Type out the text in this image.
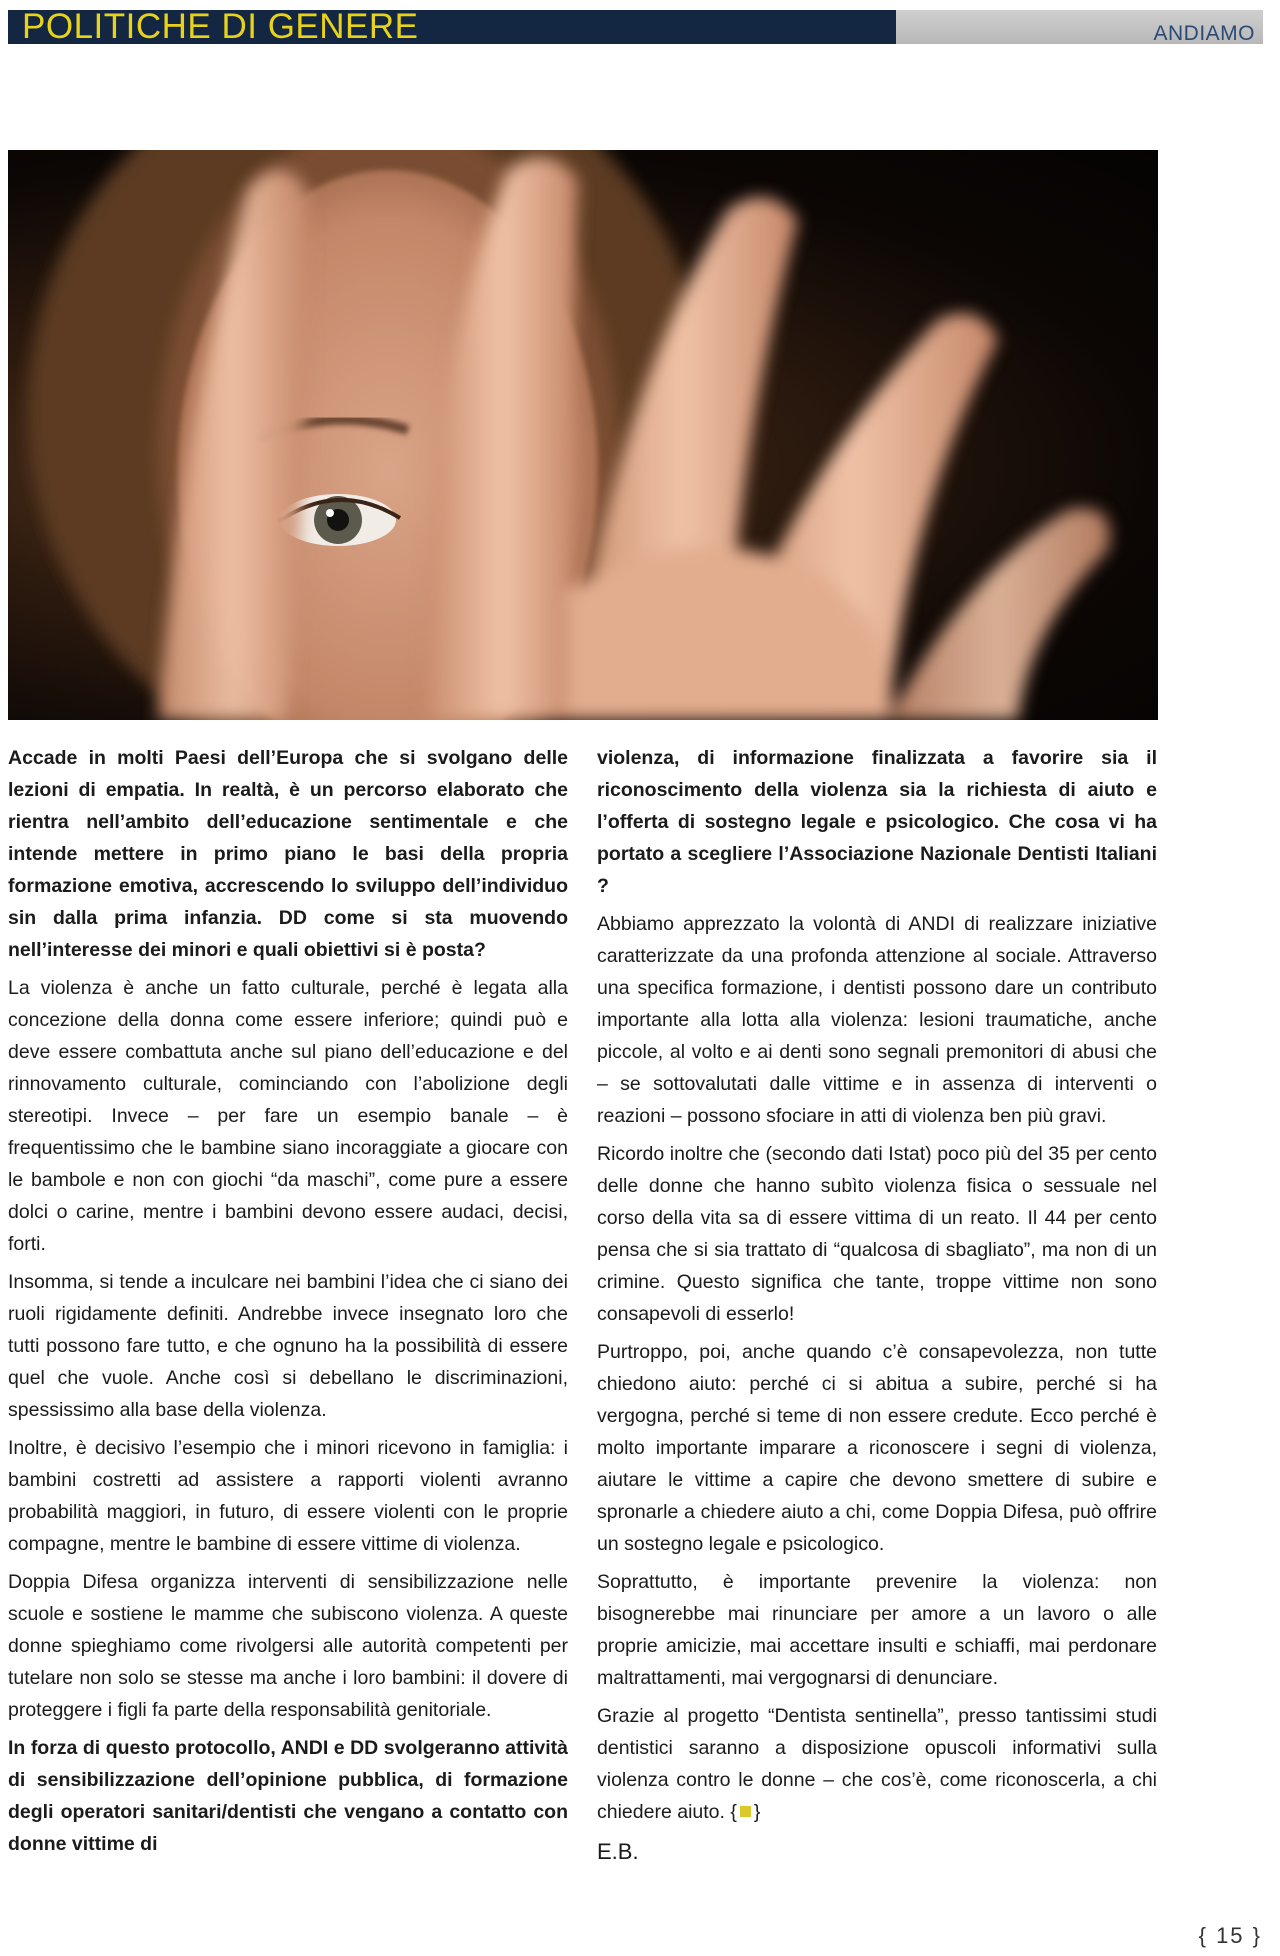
POLITICHE DI GENERE	ANDIAMO

Accade in molti Paesi dell’Europa che si svolgano delle lezioni di empatia. In realtà, è un percorso elaborato che rientra nell’ambito dell’educazione sentimentale e che intende mettere in primo piano le basi della propria formazione emotiva, accrescendo lo sviluppo dell’individuo sin dalla prima infanzia. DD come si sta muovendo nell’interesse dei minori e quali obiettivi si è posta?

La violenza è anche un fatto culturale, perché è legata alla concezione della donna come essere inferiore; quindi può e deve essere combattuta anche sul piano dell’educazione e del rinnovamento culturale, cominciando con l’abolizione degli stereotipi. Invece – per fare un esempio banale – è frequentissimo che le bambine siano incoraggiate a giocare con le bambole e non con giochi “da maschi”, come pure a essere dolci o carine, mentre i bambini devono essere audaci, decisi, forti.

Insomma, si tende a inculcare nei bambini l’idea che ci siano dei ruoli rigidamente definiti. Andrebbe invece insegnato loro che tutti possono fare tutto, e che ognuno ha la possibilità di essere quel che vuole. Anche così si debellano le discriminazioni, spessissimo alla base della violenza.

Inoltre, è decisivo l’esempio che i minori ricevono in famiglia: i bambini costretti ad assistere a rapporti violenti avranno probabilità maggiori, in futuro, di essere violenti con le proprie compagne, mentre le bambine di essere vittime di violenza.

Doppia Difesa organizza interventi di sensibilizzazione nelle scuole e sostiene le mamme che subiscono violenza. A queste donne spieghiamo come rivolgersi alle autorità competenti per tutelare non solo se stesse ma anche i loro bambini: il dovere di proteggere i figli fa parte della responsabilità genitoriale.

In forza di questo protocollo, ANDI e DD svolgeranno attività di sensibilizzazione dell’opinione pubblica, di formazione degli operatori sanitari/dentisti che vengano a contatto con donne vittime di

violenza, di informazione finalizzata a favorire sia il riconoscimento della violenza sia la richiesta di aiuto e l’offerta di sostegno legale e psicologico. Che cosa vi ha portato a scegliere l’Associazione Nazionale Dentisti Italiani ?

Abbiamo apprezzato la volontà di ANDI di realizzare iniziative caratterizzate da una profonda attenzione al sociale. Attraverso una specifica formazione, i dentisti possono dare un contributo importante alla lotta alla violenza: lesioni traumatiche, anche piccole, al volto e ai denti sono segnali premonitori di abusi che – se sottovalutati dalle vittime e in assenza di interventi o reazioni – possono sfociare in atti di violenza ben più gravi.

Ricordo inoltre che (secondo dati Istat) poco più del 35 per cento delle donne che hanno subìto violenza fisica o sessuale nel corso della vita sa di essere vittima di un reato. Il 44 per cento pensa che si sia trattato di “qualcosa di sbagliato”, ma non di un crimine. Questo significa che tante, troppe vittime non sono consapevoli di esserlo!

Purtroppo, poi, anche quando c’è consapevolezza, non tutte chiedono aiuto: perché ci si abitua a subire, perché si ha vergogna, perché si teme di non essere credute. Ecco perché è molto importante imparare a riconoscere i segni di violenza, aiutare le vittime a capire che devono smettere di subire e spronarle a chiedere aiuto a chi, come Doppia Difesa, può offrire un sostegno legale e psicologico.

Soprattutto, è importante prevenire la violenza: non bisognerebbe mai rinunciare per amore a un lavoro o alle proprie amicizie, mai accettare insulti e schiaffi, mai perdonare maltrattamenti, mai vergognarsi di denunciare.

Grazie al progetto “Dentista sentinella”, presso tantissimi studi dentistici saranno a disposizione opuscoli informativi sulla violenza contro le donne – che cos’è, come riconoscerla, a chi chiedere aiuto. { }

E.B.
{ 15 }
